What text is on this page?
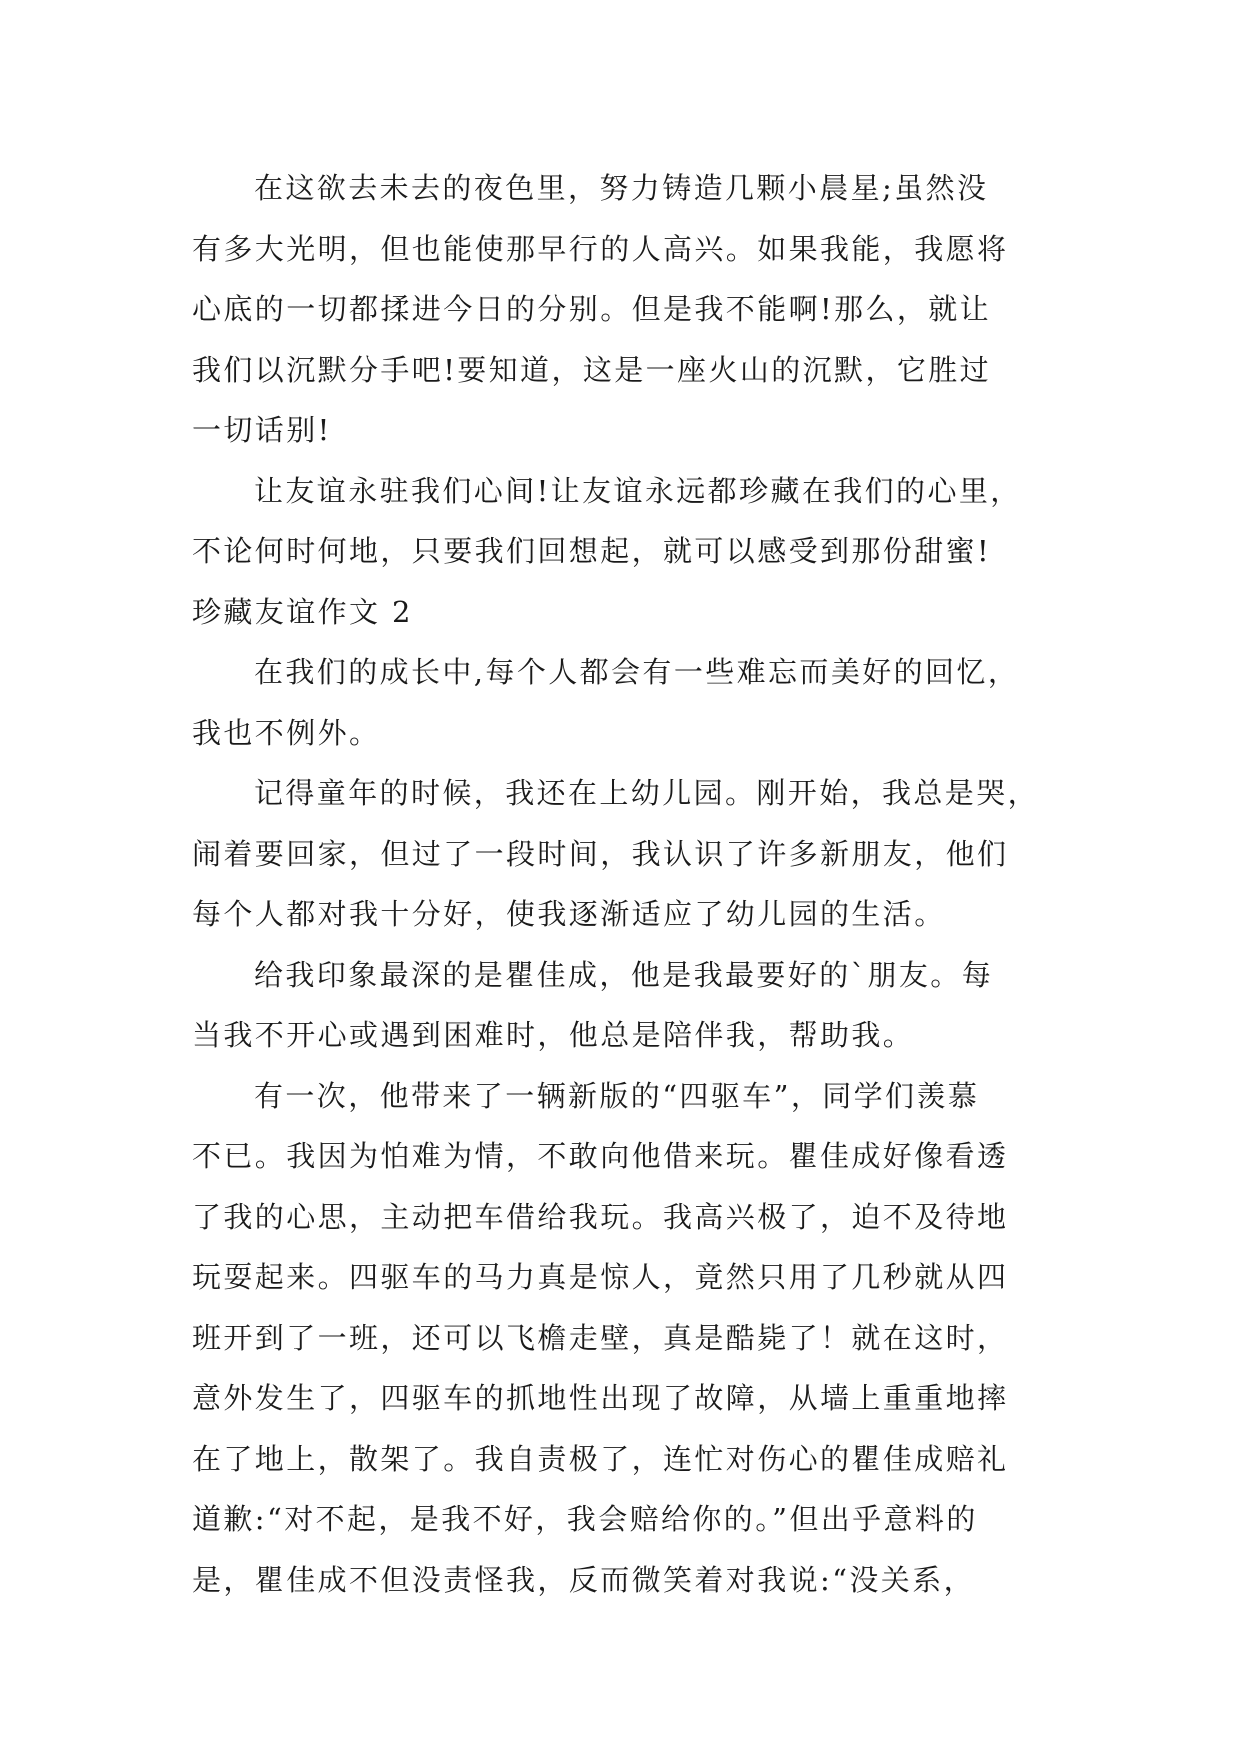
在这欲去未去的夜色里，努力铸造几颗小晨星;虽然没
有多大光明，但也能使那早行的人高兴。如果我能，我愿将
心底的一切都揉进今日的分别。但是我不能啊!那么，就让
我们以沉默分手吧!要知道，这是一座火山的沉默，它胜过
一切话别!
让友谊永驻我们心间!让友谊永远都珍藏在我们的心里，
不论何时何地，只要我们回想起，就可以感受到那份甜蜜!
珍藏友谊作文 2
在我们的成长中,每个人都会有一些难忘而美好的回忆，
我也不例外。
记得童年的时候，我还在上幼儿园。刚开始，我总是哭，
闹着要回家，但过了一段时间，我认识了许多新朋友，他们
每个人都对我十分好，使我逐渐适应了幼儿园的生活。
给我印象最深的是瞿佳成，他是我最要好的`朋友。每
当我不开心或遇到困难时，他总是陪伴我，帮助我。
有一次，他带来了一辆新版的“四驱车”，同学们羡慕
不已。我因为怕难为情，不敢向他借来玩。瞿佳成好像看透
了我的心思，主动把车借给我玩。我高兴极了，迫不及待地
玩耍起来。四驱车的马力真是惊人，竟然只用了几秒就从四
班开到了一班，还可以飞檐走壁，真是酷毙了！就在这时，
意外发生了，四驱车的抓地性出现了故障，从墙上重重地摔
在了地上，散架了。我自责极了，连忙对伤心的瞿佳成赔礼
道歉:“对不起，是我不好，我会赔给你的。”但出乎意料的
是，瞿佳成不但没责怪我，反而微笑着对我说:“没关系，
